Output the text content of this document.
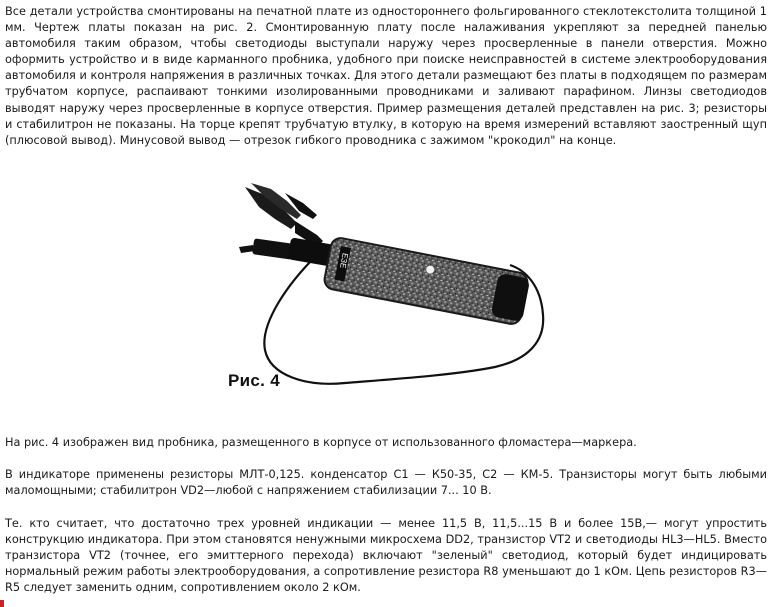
Все детали устройства смонтированы на печатной плате из одностороннего фольгированного стеклотекстолита толщиной 1 мм. Чертеж платы показан на рис. 2. Смонтированную плату после налаживания укрепляют за передней панелью автомобиля таким образом, чтобы светодиоды выступали наружу через просверленные в панели отверстия. Можно оформить устройство и в виде карманного пробника, удобного при поиске неисправностей в системе электрооборудования автомобиля и контроля напряжения в различных точках. Для этого детали размещают без платы в подходящем по размерам трубчатом корпусе, распаивают тонкими изолированными проводниками и заливают парафином. Линзы светодиодов выводят наружу через просверленные в корпусе отверстия. Пример размещения деталей представлен на рис. 3; резисторы и стабилитрон не показаны. На торце крепят трубчатую втулку, в которую на время измерений вставляют заостренный щуп (плюсовой вывод). Минусовой вывод — отрезок гибкого проводника с зажимом "крокодил" на конце.

ЕЗЕ
Рис. 4

На рис. 4 изображен вид пробника, размещенного в корпусе от использованного фломастера—маркера.

В индикаторе применены резисторы МЛТ-0,125. конденсатор С1 — К50-35, С2 — КМ-5. Транзисторы могут быть любыми маломощными; стабилитрон VD2—любой с напряжением стабилизации 7... 10 В.

Те. кто считает, что достаточно трех уровней индикации — менее 11,5 В, 11,5...15 В и более 15В,— могут упростить конструкцию индикатора. При этом становятся ненужными микросхема DD2, транзистор VT2 и светодиоды HL3—HL5. Вместо транзистора VT2 (точнее, его эмиттерного перехода) включают "зеленый" светодиод, который будет индицировать нормальный режим работы электрооборудования, а сопротивление резистора R8 уменьшают до 1 кОм. Цепь резисторов R3—R5 следует заменить одним, сопротивлением около 2 кОм.
